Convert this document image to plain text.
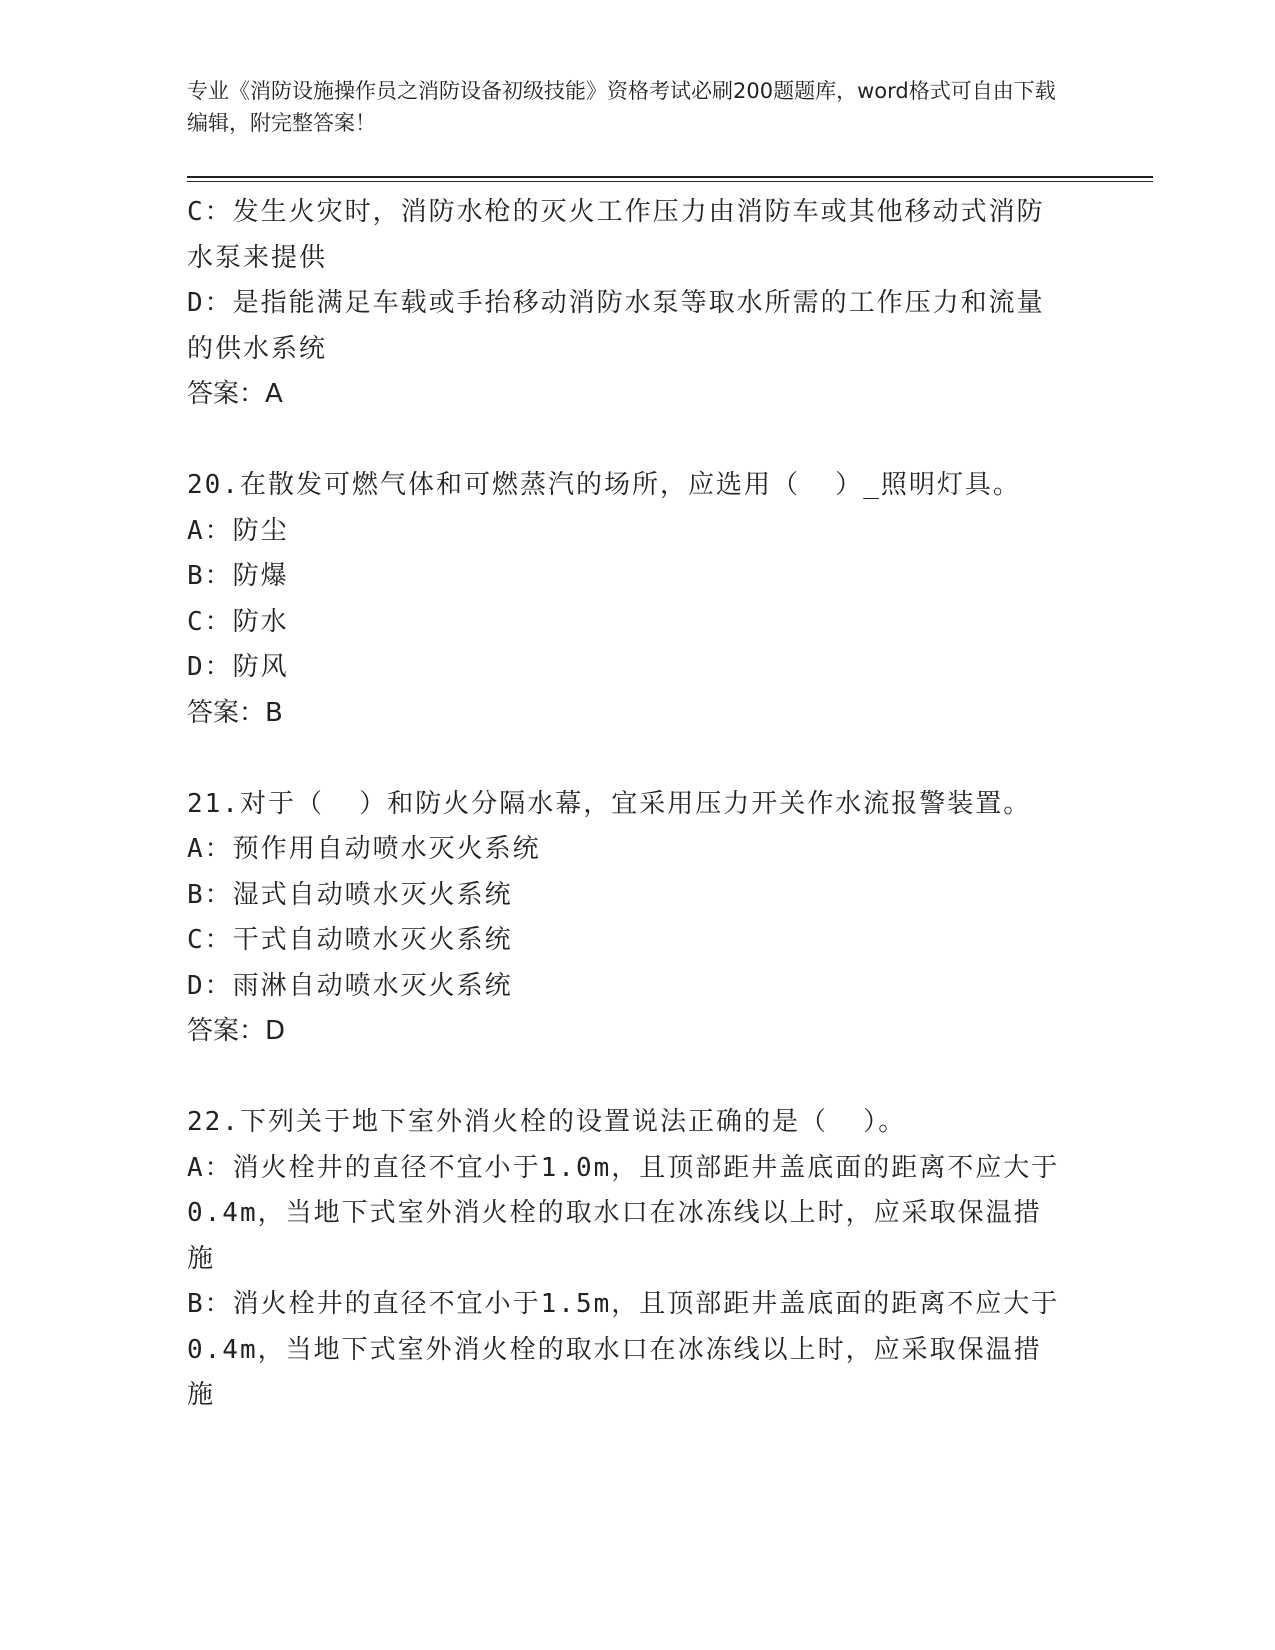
专业《消防设施操作员之消防设备初级技能》资格考试必刷200题题库，word格式可自由下载编辑，附完整答案！

C：发生火灾时，消防水枪的灭火工作压力由消防车或其他移动式消防

水泵来提供

D：是指能满足车载或手抬移动消防水泵等取水所需的工作压力和流量

的供水系统

答案：A

20.在散发可燃气体和可燃蒸汽的场所，应选用（  ）_照明灯具。

A：防尘

B：防爆

C：防水

D：防风

答案：B

21.对于（  ）和防火分隔水幕，宜采用压力开关作水流报警装置。

A：预作用自动喷水灭火系统

B：湿式自动喷水灭火系统

C：干式自动喷水灭火系统

D：雨淋自动喷水灭火系统

答案：D

22.下列关于地下室外消火栓的设置说法正确的是（  ）。

A：消火栓井的直径不宜小于1.0m，且顶部距井盖底面的距离不应大于

0.4m，当地下式室外消火栓的取水口在冰冻线以上时，应采取保温措

施

B：消火栓井的直径不宜小于1.5m，且顶部距井盖底面的距离不应大于

0.4m，当地下式室外消火栓的取水口在冰冻线以上时，应采取保温措

施
